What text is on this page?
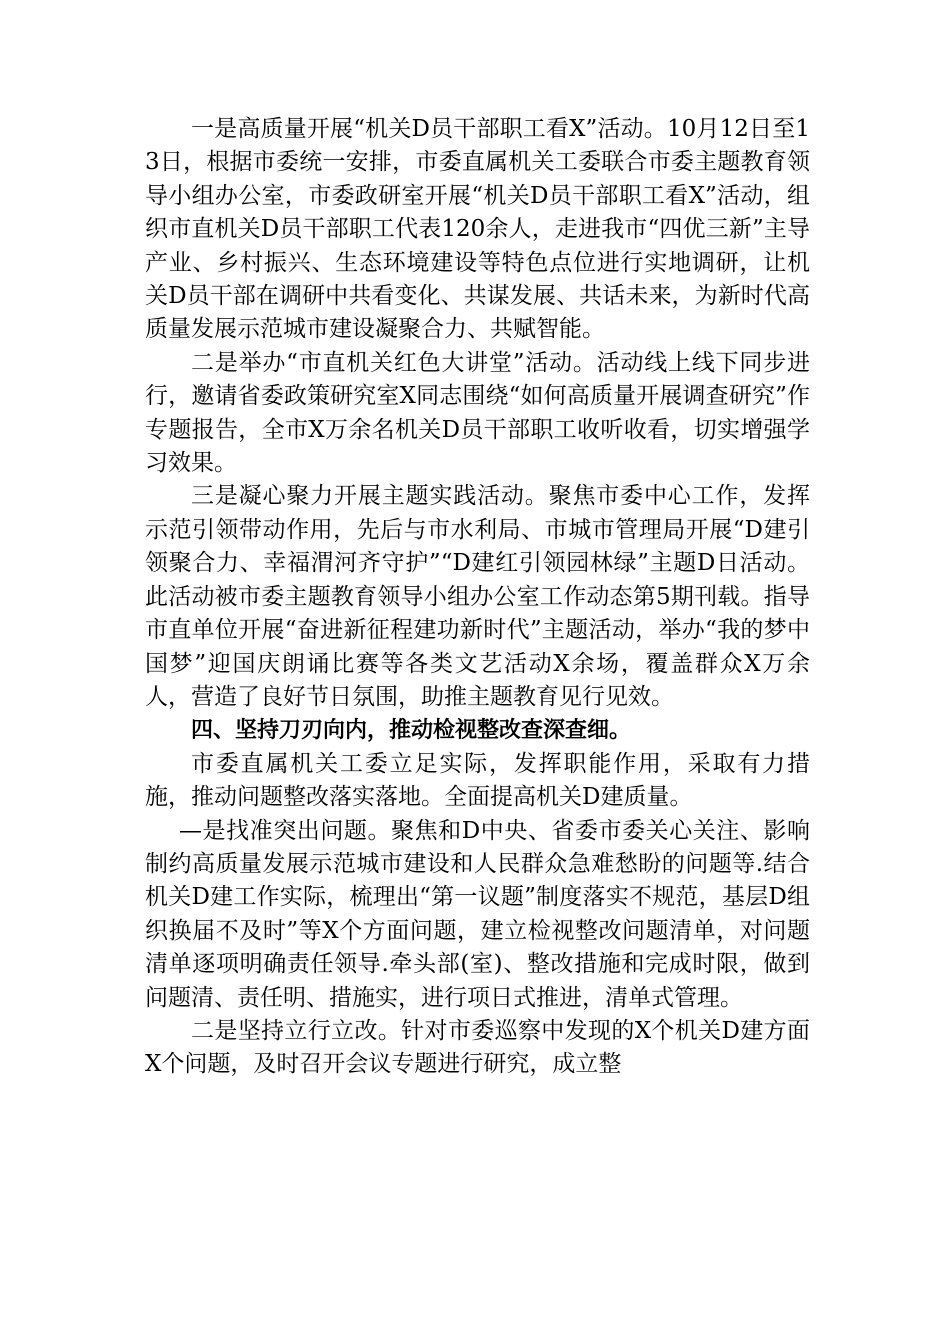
一是高质量开展“机关D员干部职工看X”活动。10月12日至13日，根据市委统一安排，市委直属机关工委联合市委主题教育领导小组办公室，市委政研室开展“机关D员干部职工看X”活动，组织市直机关D员干部职工代表120余人，走进我市“四优三新”主导产业、乡村振兴、生态环境建设等特色点位进行实地调研，让机关D员干部在调研中共看变化、共谋发展、共话未来，为新时代高质量发展示范城市建设凝聚合力、共赋智能。

二是举办“市直机关红色大讲堂”活动。活动线上线下同步进行，邀请省委政策研究室X同志围绕“如何高质量开展调查研究”作专题报告，全市X万余名机关D员干部职工收听收看，切实增强学习效果。

三是凝心聚力开展主题实践活动。聚焦市委中心工作，发挥示范引领带动作用，先后与市水利局、市城市管理局开展“D建引领聚合力、幸福渭河齐守护”“D建红引领园林绿”主题D日活动。此活动被市委主题教育领导小组办公室工作动态第5期刊载。指导市直单位开展“奋进新征程建功新时代”主题活动，举办“我的梦中国梦”迎国庆朗诵比赛等各类文艺活动X余场，覆盖群众X万余人，营造了良好节日氛围，助推主题教育见行见效。

四、坚持刀刃向内，推动检视整改查深查细。

市委直属机关工委立足实际，发挥职能作用，采取有力措施，推动问题整改落实落地。全面提高机关D建质量。

—是找准突出问题。聚焦和D中央、省委市委关心关注、影响制约高质量发展示范城市建设和人民群众急难愁盼的问题等.结合机关D建工作实际，梳理出“第一议题”制度落实不规范，基层D组织换届不及时”等X个方面问题，建立检视整改问题清单，对问题清单逐项明确责任领导.牵头部(室)、整改措施和完成时限，做到问题清、责任明、措施实，进行项日式推进，清单式管理。

二是坚持立行立改。针对市委巡察中发现的X个机关D建方面X个问题，及时召开会议专题进行研究，成立整
